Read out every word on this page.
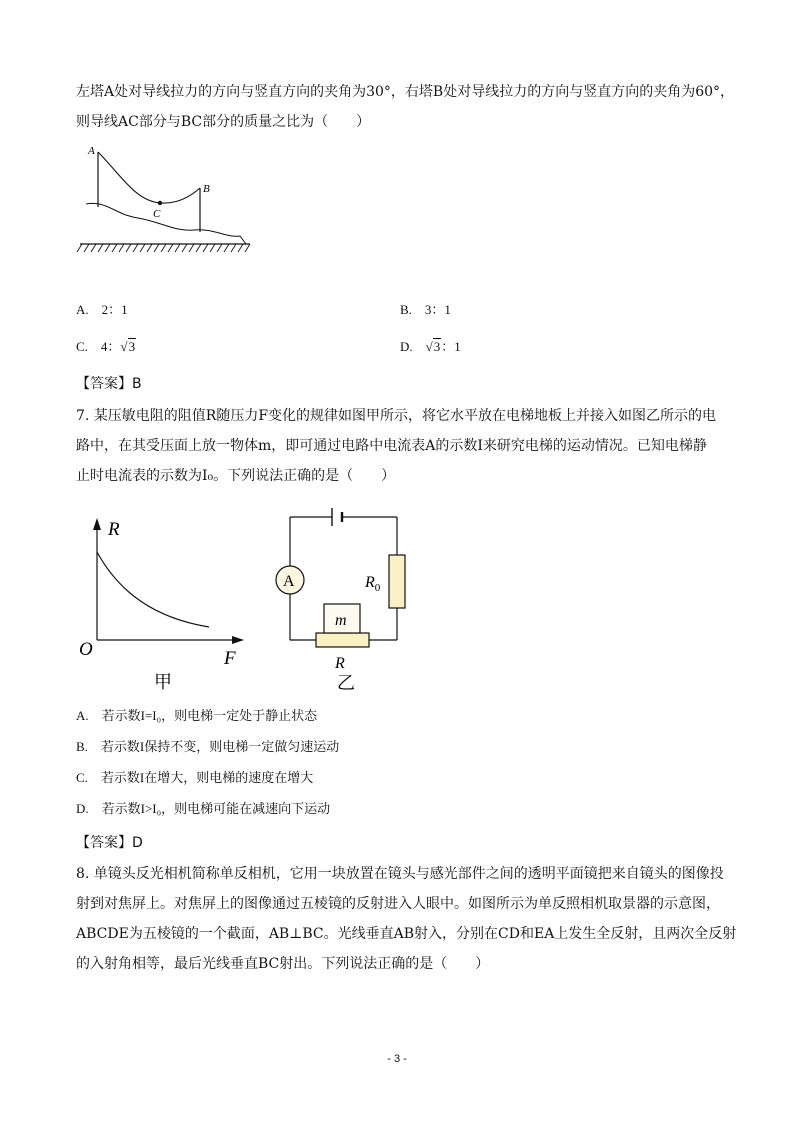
左塔A处对导线拉力的方向与竖直方向的夹角为30°，右塔B处对导线拉力的方向与竖直方向的夹角为60°，
则导线AC部分与BC部分的质量之比为（　　）
A
B
C
A.　2：1	B.　3：1
C.　4：√3	D.　√3：1
【答案】B
7. 某压敏电阻的阻值R随压力F变化的规律如图甲所示，将它水平放在电梯地板上并接入如图乙所示的电
路中，在其受压面上放一物体m，即可通过电路中电流表A的示数I来研究电梯的运动情况。已知电梯静
止时电流表的示数为I₀。下列说法正确的是（　　）
R
O	F
甲
A	$R_0$
m
R
乙
A.　若示数I=I₀，则电梯一定处于静止状态
B.　若示数I保持不变，则电梯一定做匀速运动
C.　若示数I在增大，则电梯的速度在增大
D.　若示数I>I₀，则电梯可能在减速向下运动
【答案】D
8. 单镜头反光相机简称单反相机，它用一块放置在镜头与感光部件之间的透明平面镜把来自镜头的图像投
射到对焦屏上。对焦屏上的图像通过五棱镜的反射进入人眼中。如图所示为单反照相机取景器的示意图，
ABCDE为五棱镜的一个截面，AB⊥BC。光线垂直AB射入，分别在CD和EA上发生全反射，且两次全反射
的入射角相等，最后光线垂直BC射出。下列说法正确的是（　　）
- 3 -
